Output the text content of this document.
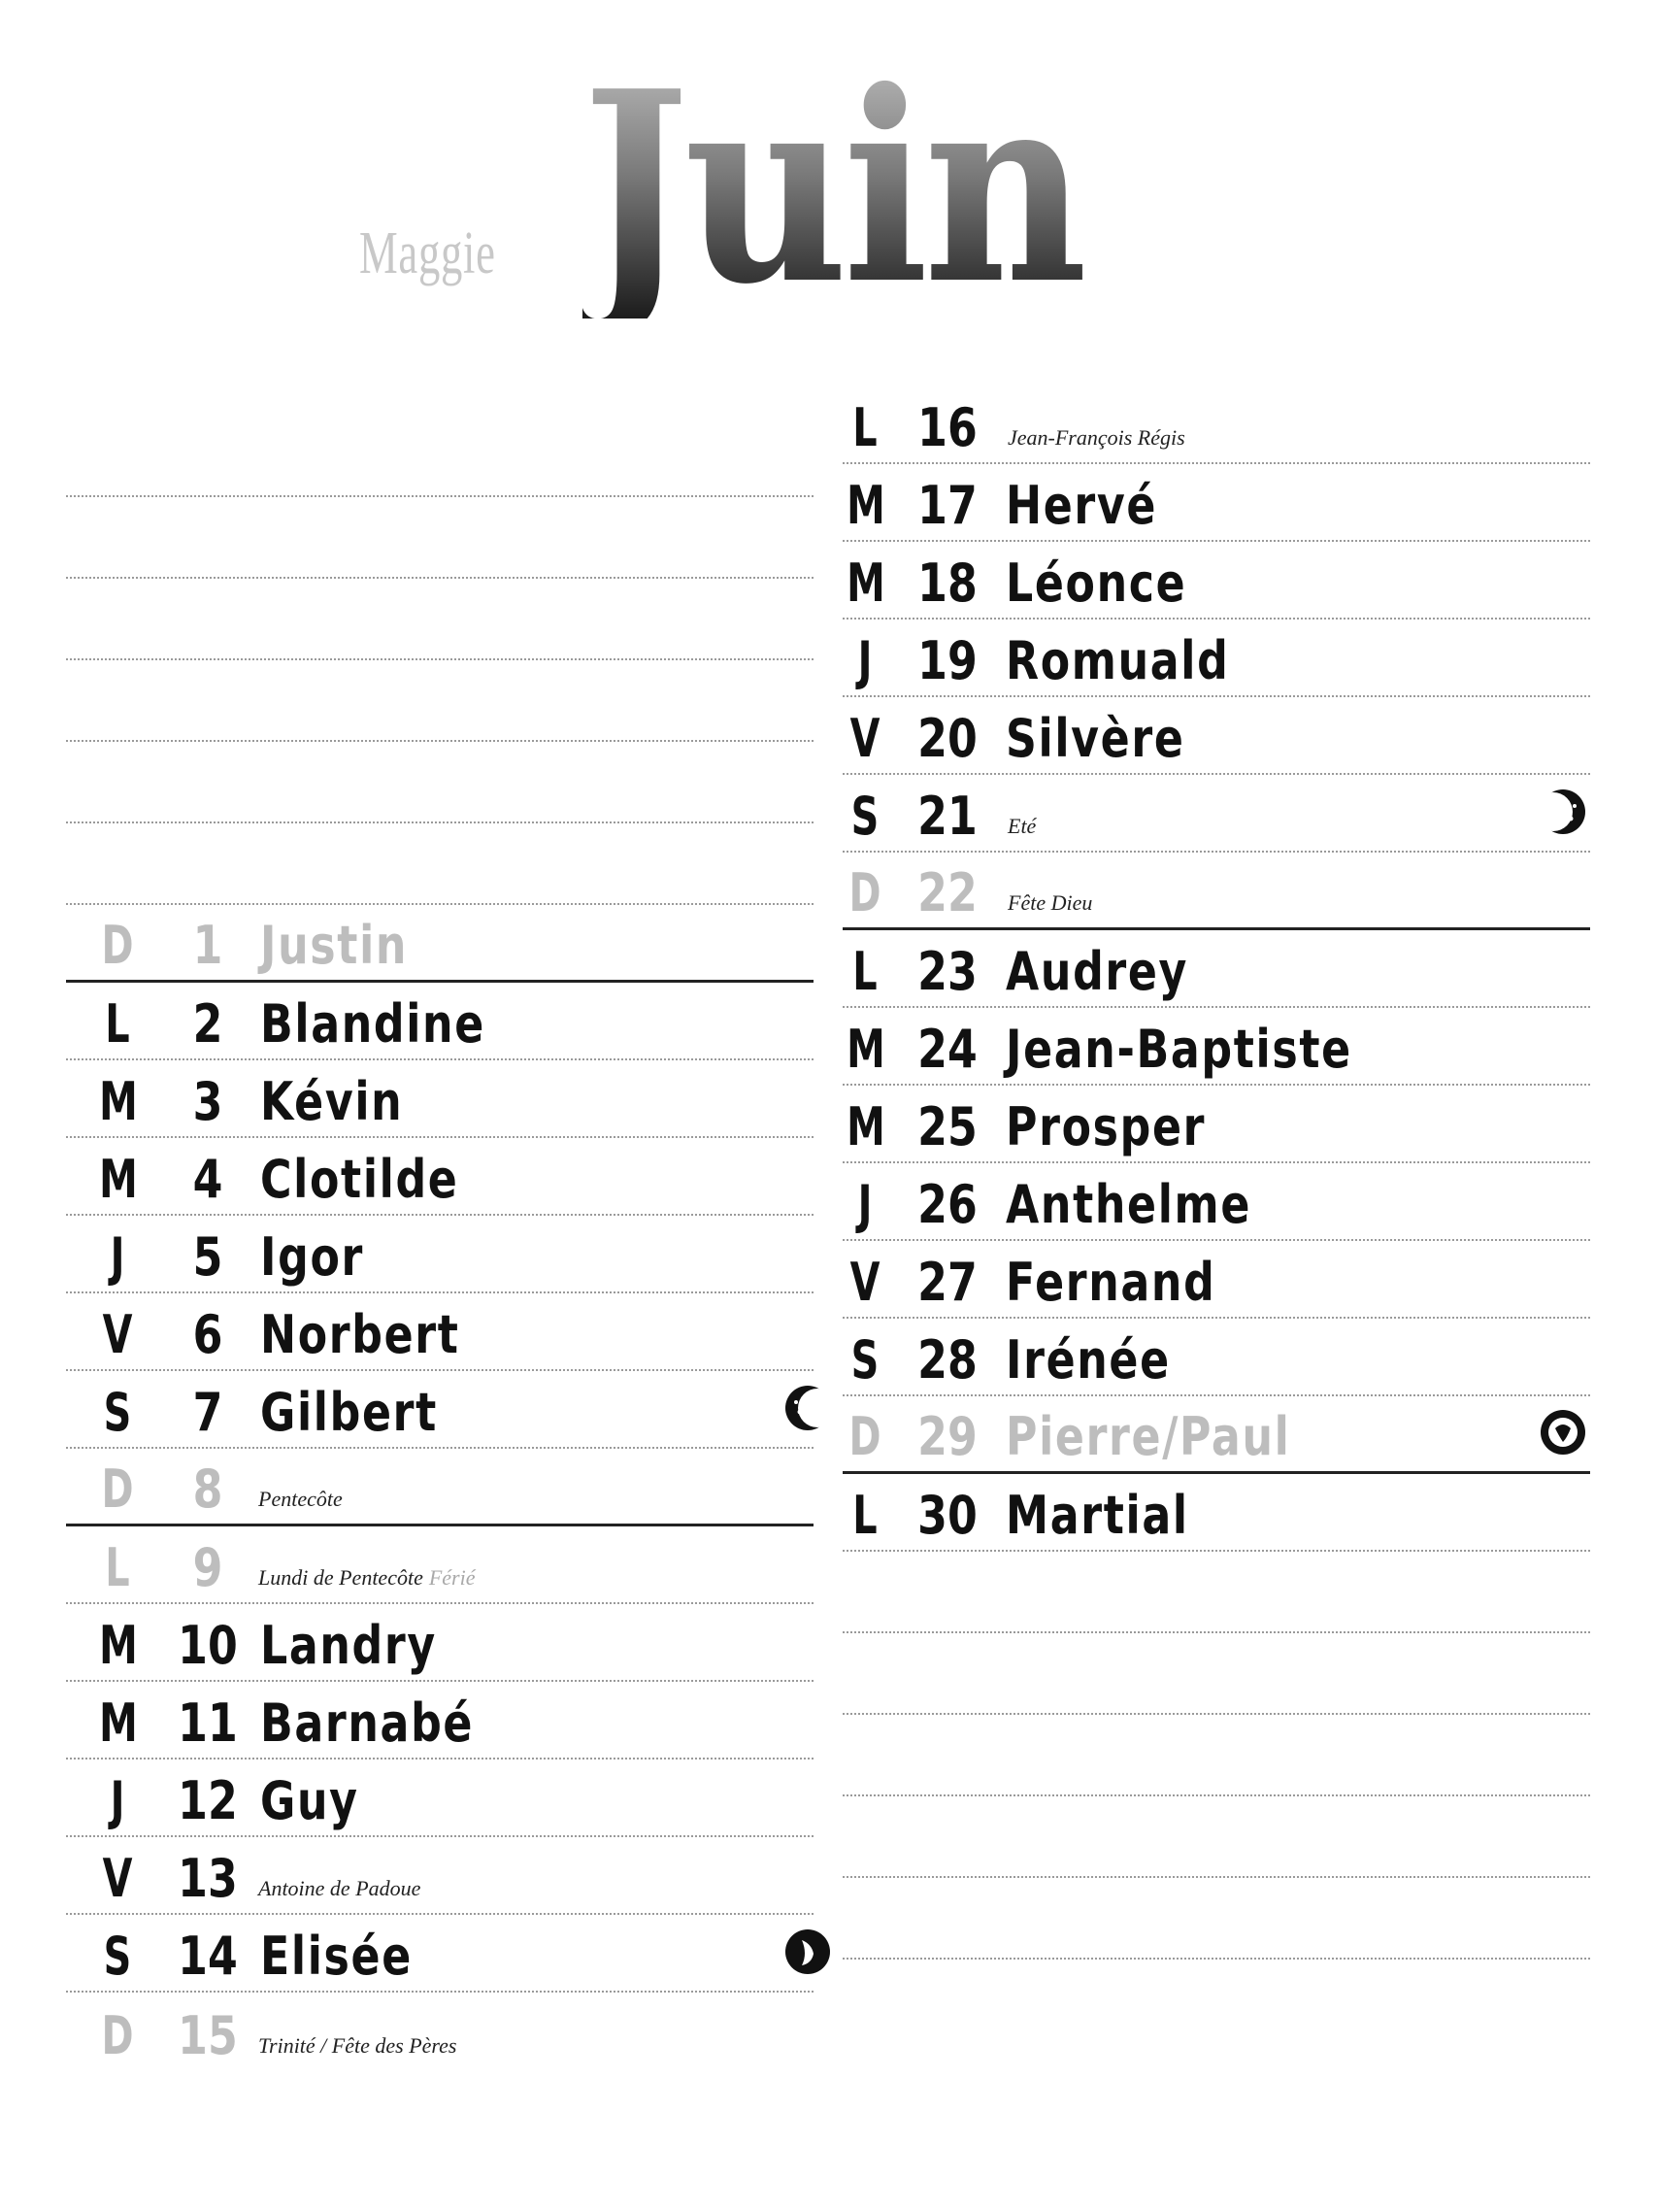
Maggie Juin
D	1 Justin
L	2 Blandine
M	3 Kévin
M	4 Clotilde
J	5 Igor
V	6 Norbert
S	7 Gilbert
D	8	Pentecôte
L	9	Lundi de Pentecôte Férié
M 10 Landry
M 11 Barnabé
J 12 Guy
V 13 Antoine de Padoue
S 14 Elisée
D 15 Trinité / Fête des Pères
L 16	Jean-François Régis
M 17 Hervé
M 18 Léonce
J 19 Romuald
V 20 Silvère
S 21	Eté
D 22	Fête Dieu
L 23 Audrey
M 24 Jean-Baptiste
M 25 Prosper
J 26 Anthelme
V 27 Fernand
S 28 Irénée
D 29 Pierre/Paul
L 30 Martial
